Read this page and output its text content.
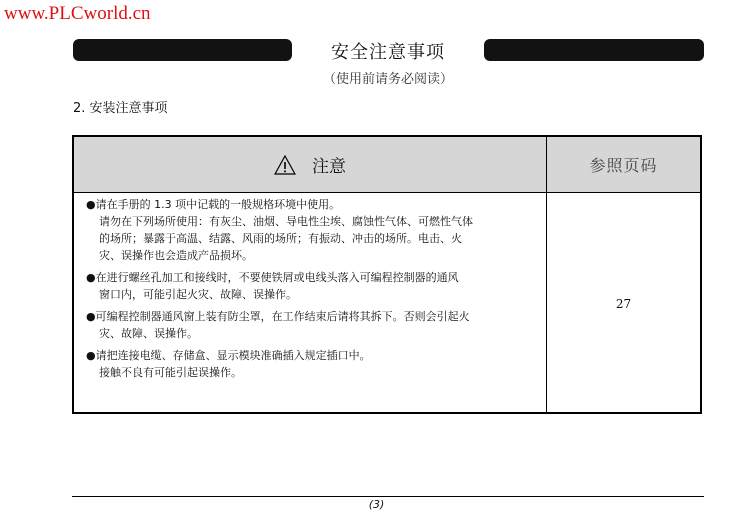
www.PLCworld.cn
安全注意事项
（使用前请务必阅读）
2. 安装注意事项
注意	参照页码
●请在手册的 1.3 项中记载的一般规格环境中使用。
请勿在下列场所使用：有灰尘、油烟、导电性尘埃、腐蚀性气体、可燃性气体
的场所；暴露于高温、结露、风雨的场所；有振动、冲击的场所。电击、火
灾、误操作也会造成产品损坏。
●在进行螺丝孔加工和接线时，不要使铁屑或电线头落入可编程控制器的通风
窗口内，可能引起火灾、故障、误操作。
●可编程控制器通风窗上装有防尘罩，在工作结束后请将其拆下。否则会引起火
灾、故障、误操作。
●请把连接电缆、存储盒、显示模块准确插入规定插口中。
接触不良有可能引起误操作。
27
(3)
